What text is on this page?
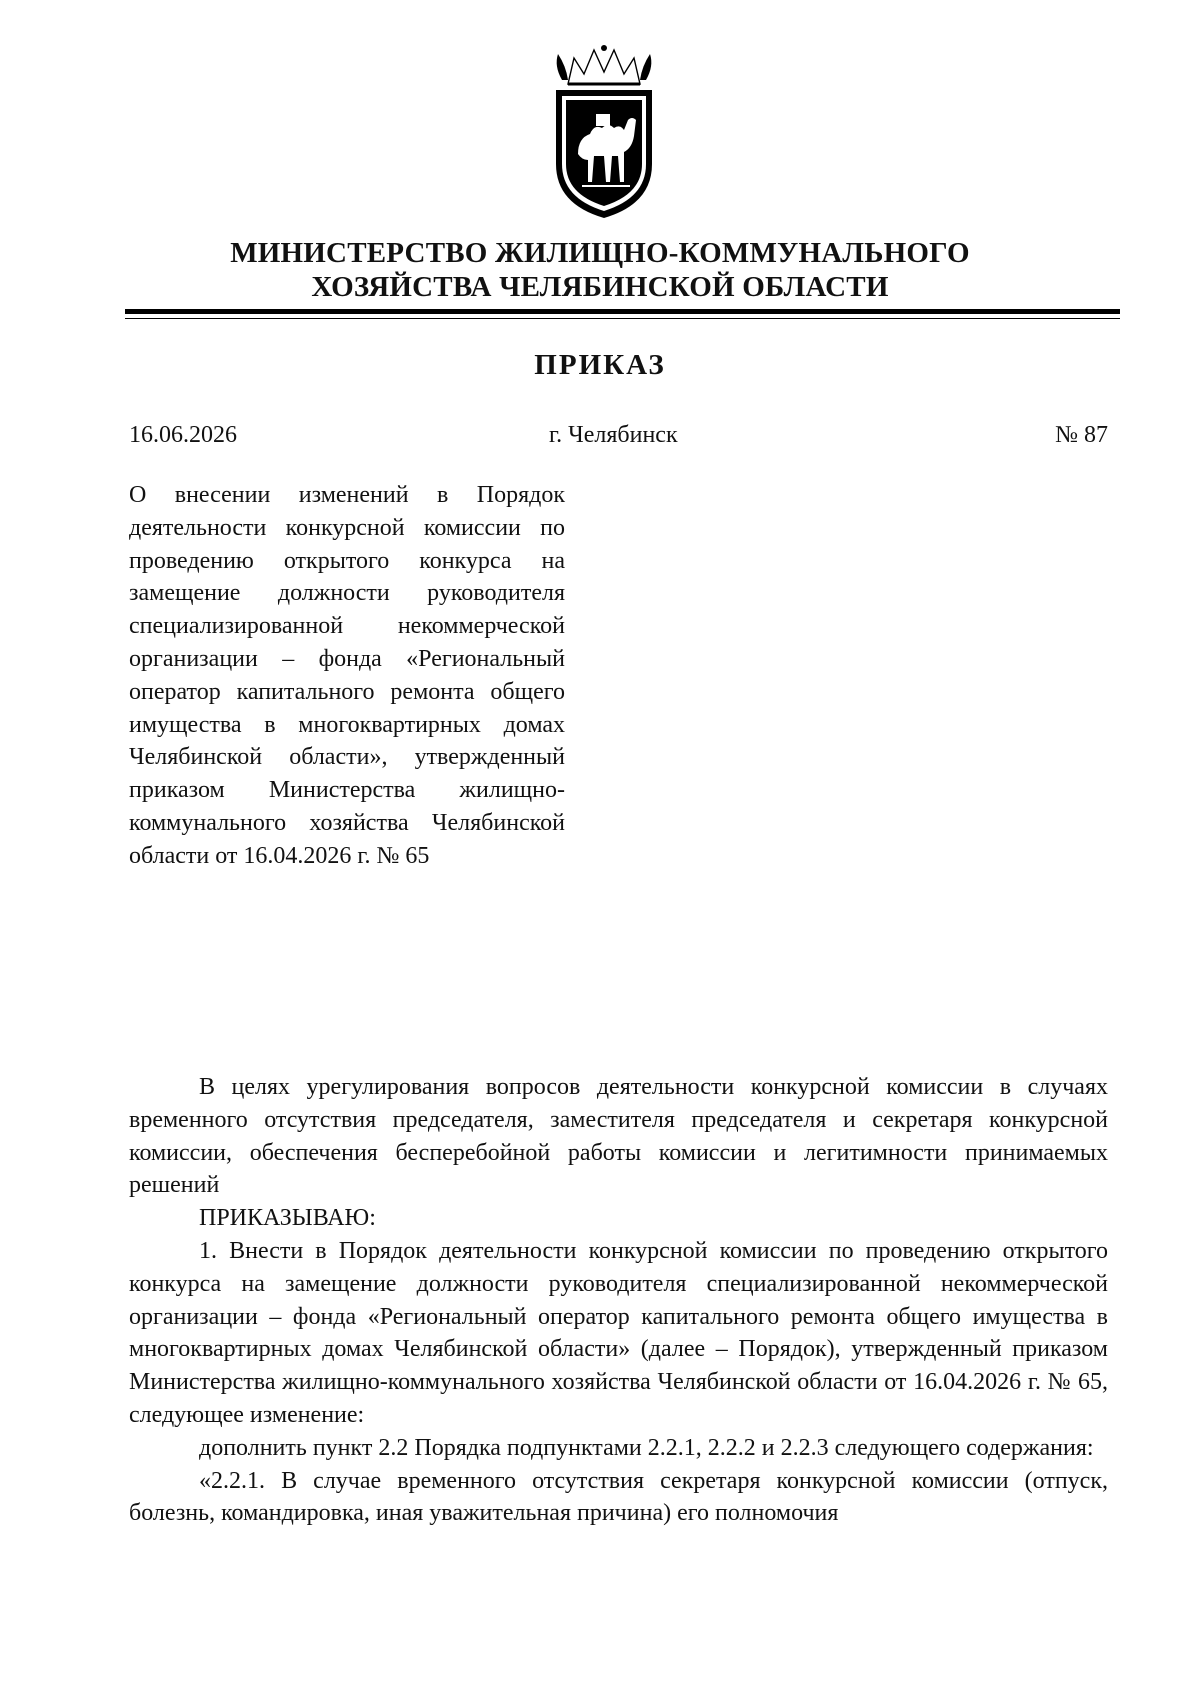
МИНИСТЕРСТВО ЖИЛИЩНО-КОММУНАЛЬНОГО
ХОЗЯЙСТВА ЧЕЛЯБИНСКОЙ ОБЛАСТИ
ПРИКАЗ
16.06.2026	г. Челябинск	№ 87
О внесении изменений в Порядок деятельности конкурсной комиссии по проведению открытого конкурса на замещение должности руководителя специализированной некоммерческой организации – фонда «Региональный оператор капитального ремонта общего имущества в многоквартирных домах Челябинской области», утвержденный приказом Министерства жилищно-коммунального хозяйства Челябинской области от 16.04.2026 г. № 65

В целях урегулирования вопросов деятельности конкурсной комиссии в случаях временного отсутствия председателя, заместителя председателя и секретаря конкурсной комиссии, обеспечения бесперебойной работы комиссии и легитимности принимаемых решений

ПРИКАЗЫВАЮ:

1. Внести в Порядок деятельности конкурсной комиссии по проведению открытого конкурса на замещение должности руководителя специализированной некоммерческой организации – фонда «Региональный оператор капитального ремонта общего имущества в многоквартирных домах Челябинской области» (далее – Порядок), утвержденный приказом Министерства жилищно-коммунального хозяйства Челябинской области от 16.04.2026 г. № 65, следующее изменение:

дополнить пункт 2.2 Порядка подпунктами 2.2.1, 2.2.2 и 2.2.3 следующего содержания:

«2.2.1. В случае временного отсутствия секретаря конкурсной комиссии (отпуск, болезнь, командировка, иная уважительная причина) его полномочия
